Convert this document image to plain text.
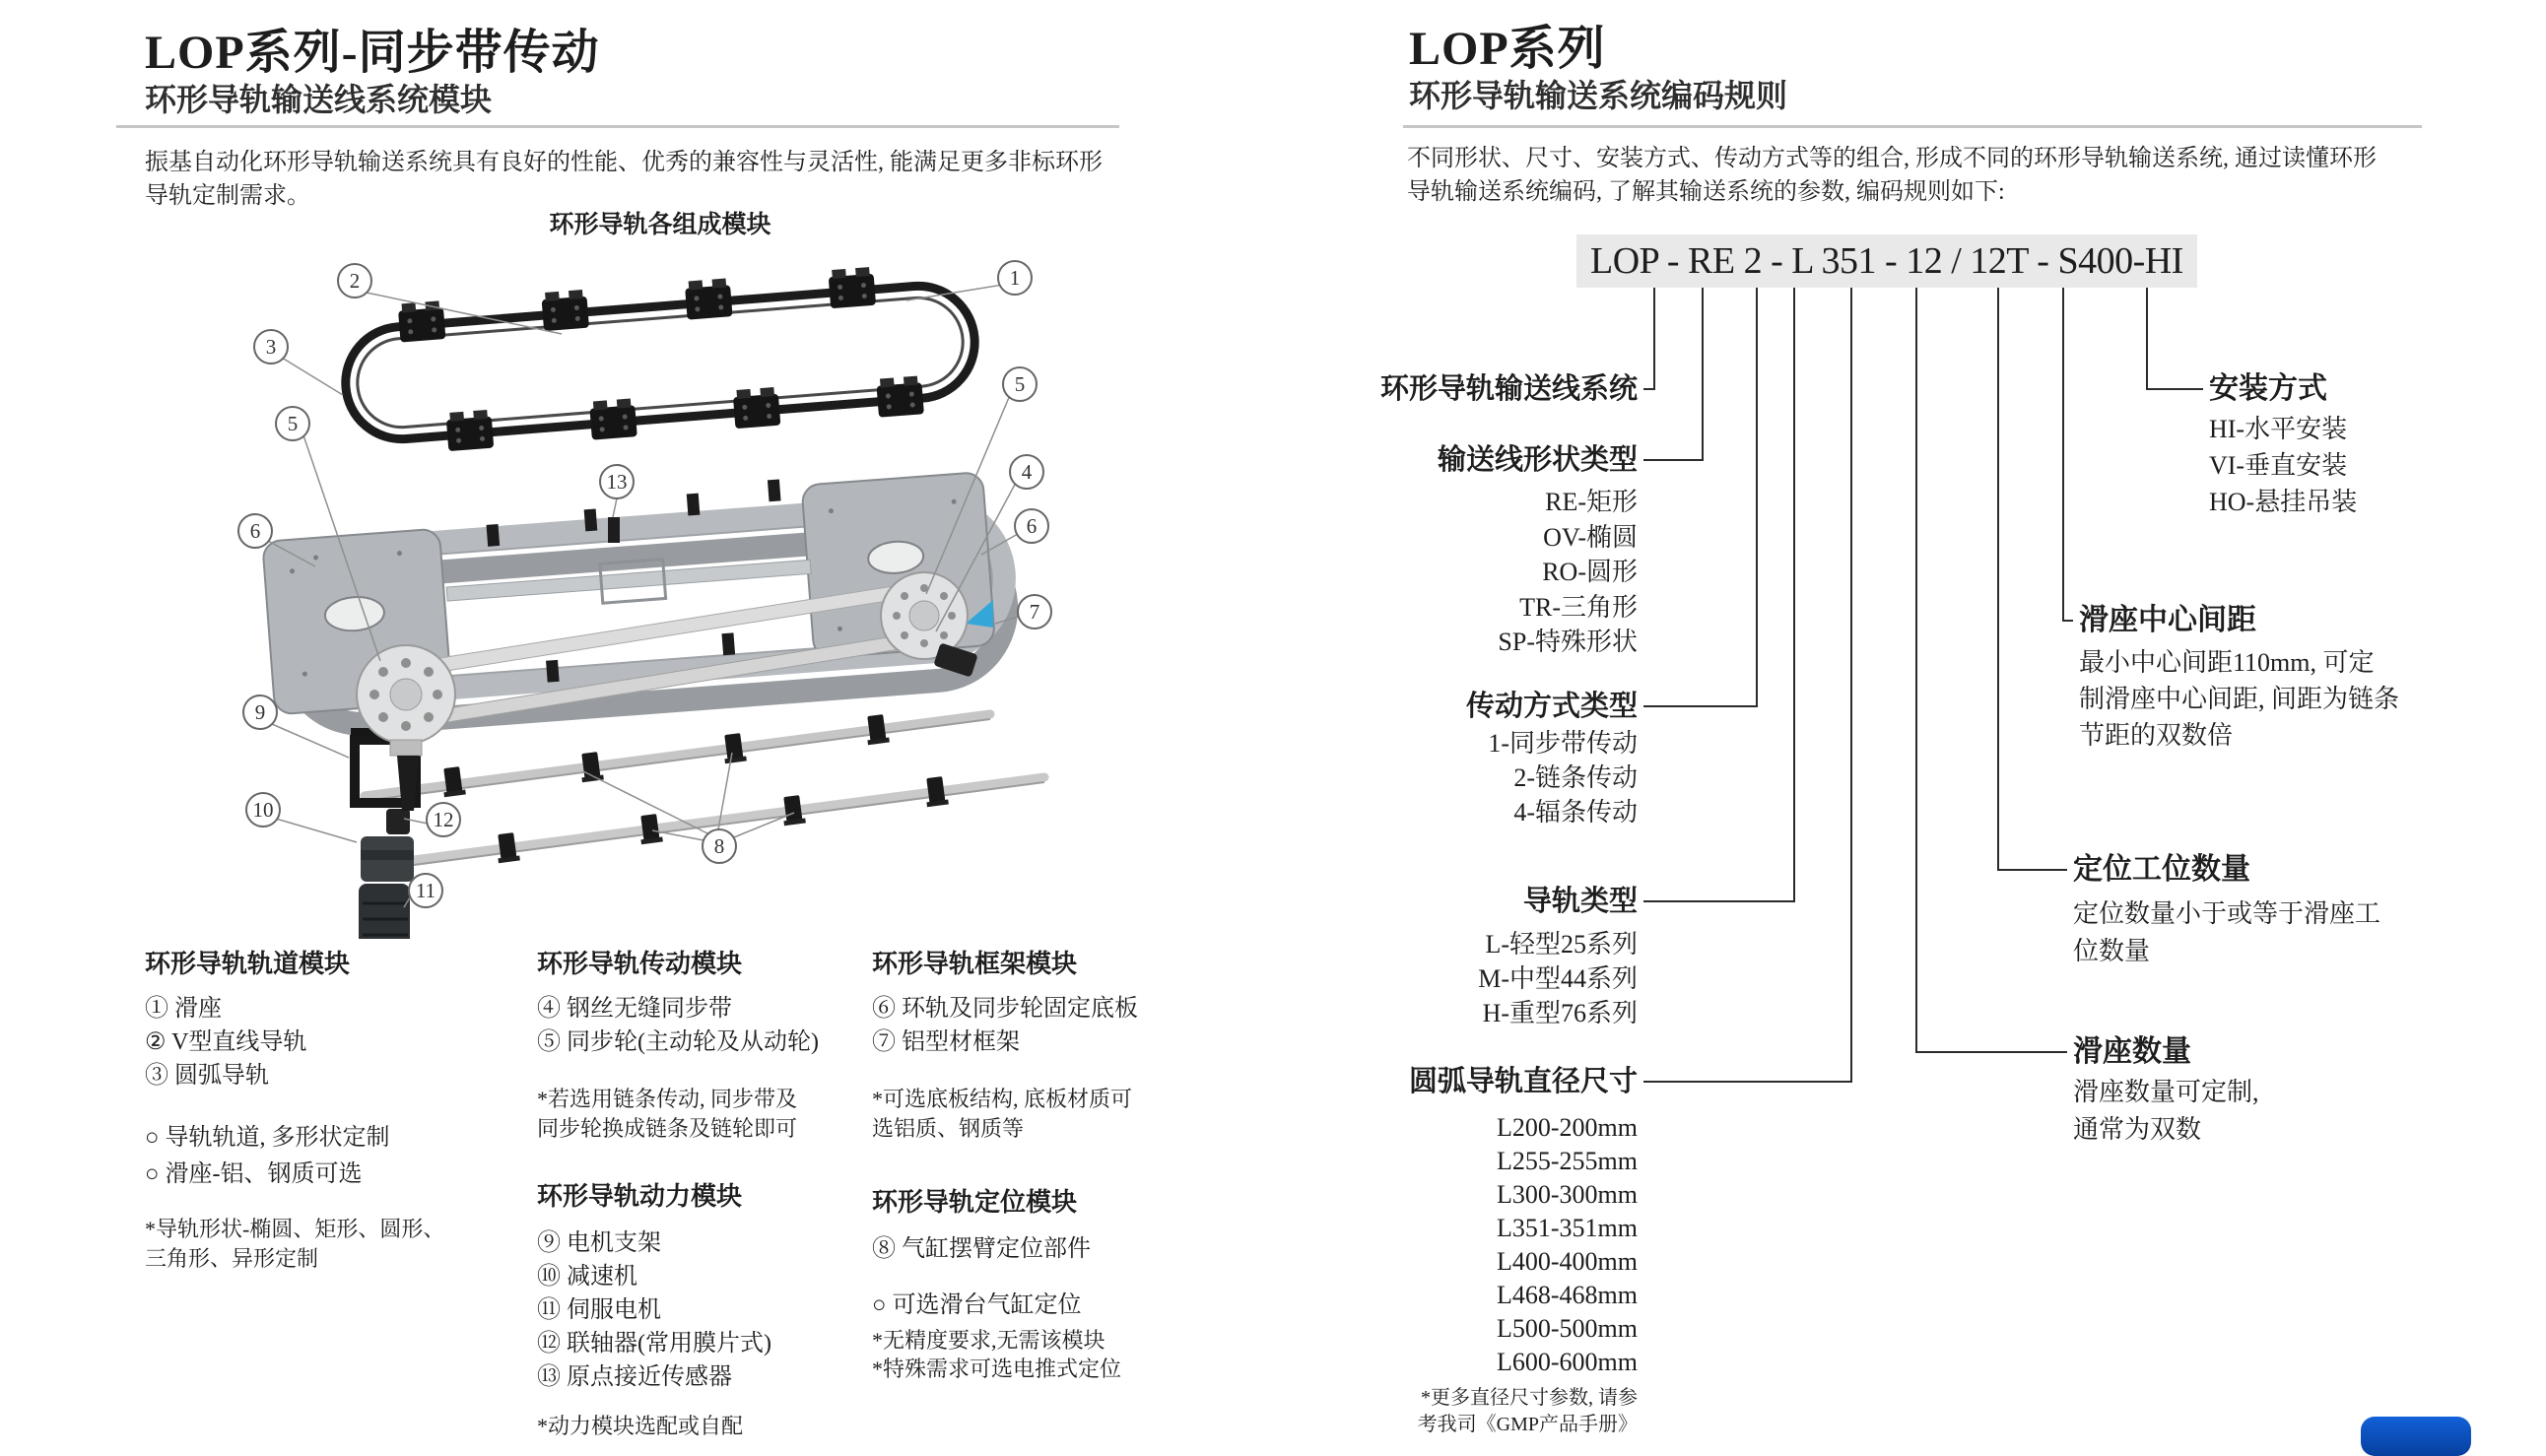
LOP系列-同步带传动
环形导轨输送线系统模块
振基自动化环形导轨输送系统具有良好的性能、优秀的兼容性与灵活性, 能满足更多非标环形
导轨定制需求。
环形导轨各组成模块
1
2
3
4
5
5
6	6
7
8
9
10
11
12
13
环形导轨轨道模块
① 滑座
② V型直线导轨
③ 圆弧导轨
○ 导轨轨道, 多形状定制
○ 滑座-铝、钢质可选
*导轨形状-椭圆、矩形、圆形、
三角形、异形定制
环形导轨传动模块
④ 钢丝无缝同步带
⑤ 同步轮(主动轮及从动轮)
*若选用链条传动, 同步带及
同步轮换成链条及链轮即可
环形导轨动力模块
⑨ 电机支架
⑩ 减速机
⑪ 伺服电机
⑫ 联轴器(常用膜片式)
⑬ 原点接近传感器
*动力模块选配或自配
环形导轨框架模块
⑥ 环轨及同步轮固定底板
⑦ 铝型材框架
*可选底板结构, 底板材质可
选铝质、钢质等
环形导轨定位模块
⑧ 气缸摆臂定位部件
○ 可选滑台气缸定位
*无精度要求,无需该模块
*特殊需求可选电推式定位
LOP系列
环形导轨输送系统编码规则
不同形状、尺寸、安装方式、传动方式等的组合, 形成不同的环形导轨输送系统, 通过读懂环形
导轨输送系统编码, 了解其输送系统的参数, 编码规则如下:
LOP - RE 2 - L 351 - 12 / 12T - S400-HI
环形导轨输送线系统
输送线形状类型
RE-矩形
OV-椭圆
RO-圆形
TR-三角形
SP-特殊形状
传动方式类型
1-同步带传动
2-链条传动
4-辐条传动
导轨类型
L-轻型25系列
M-中型44系列
H-重型76系列
圆弧导轨直径尺寸
L200-200mm
L255-255mm
L300-300mm
L351-351mm
L400-400mm
L468-468mm
L500-500mm
L600-600mm
*更多直径尺寸参数, 请参
考我司《GMP产品手册》
安装方式
HI-水平安装
VI-垂直安装
HO-悬挂吊装
滑座中心间距
最小中心间距110mm, 可定
制滑座中心间距, 间距为链条
节距的双数倍
定位工位数量
定位数量小于或等于滑座工
位数量
滑座数量
滑座数量可定制,
通常为双数
